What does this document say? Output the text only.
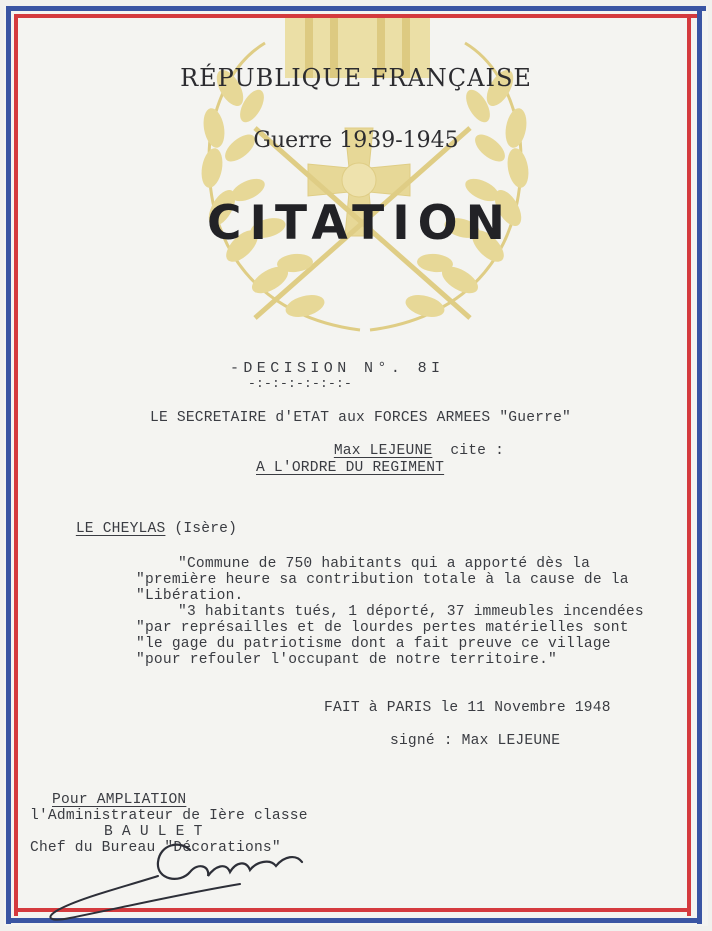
RÉPUBLIQUE FRANÇAISE
Guerre 1939-1945
CITATION
-DECISION N°. 8I
-:-:-:-:-:-:-
LE SECRETAIRE d'ETAT aux FORCES ARMEES "Guerre"

Max LEJEUNE cite :

A L'ORDRE DU REGIMENT

LE CHEYLAS (Isère)

"Commune de 750 habitants qui a apporté dès la
"première heure sa contribution totale à la cause de la
"Libération.
"3 habitants tués, 1 déporté, 37 immeubles incendées
"par représailles et de lourdes pertes matérielles sont
"le gage du patriotisme dont a fait preuve ce village
"pour refouler l'occupant de notre territoire."
FAIT à PARIS le 11 Novembre 1948
signé : Max LEJEUNE
Pour AMPLIATION
l'Administrateur de Ière classe
B A U L E T
Chef du Bureau "Décorations"
